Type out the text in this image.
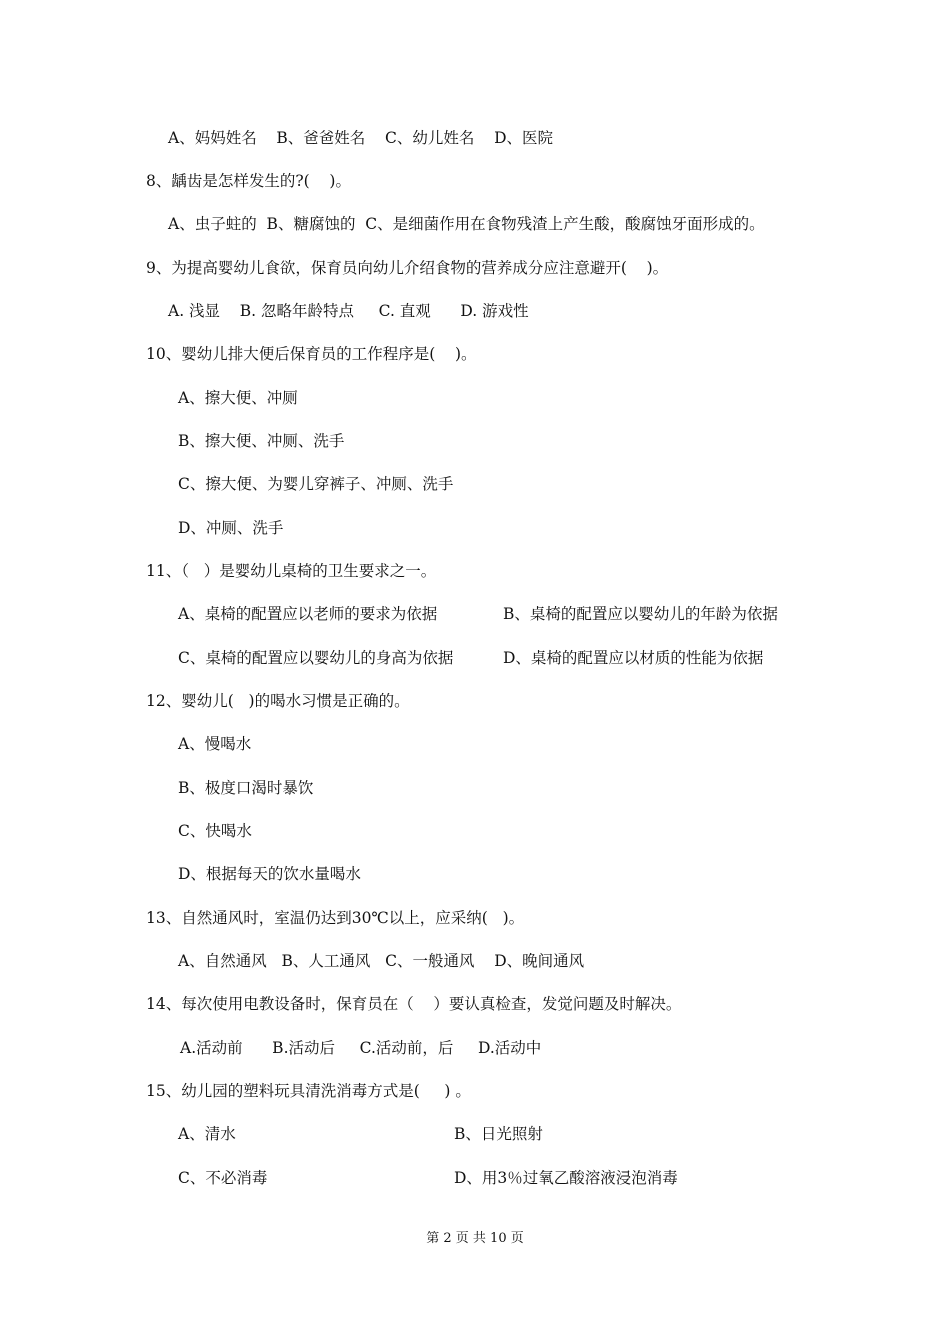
A、妈妈姓名    B、爸爸姓名    C、幼儿姓名    D、医院
8、龋齿是怎样发生的?(    )。
A、虫子蛀的  B、糖腐蚀的  C、是细菌作用在食物残渣上产生酸，酸腐蚀牙面形成的。
9、为提高婴幼儿食欲，保育员向幼儿介绍食物的营养成分应注意避开(    )。
A. 浅显    B. 忽略年龄特点     C. 直观      D. 游戏性
10、婴幼儿排大便后保育员的工作程序是(    )。
A、擦大便、冲厕
B、擦大便、冲厕、洗手
C、擦大便、为婴儿穿裤子、冲厕、洗手
D、冲厕、洗手
11、（   ）是婴幼儿桌椅的卫生要求之一。
A、桌椅的配置应以老师的要求为依据	B、桌椅的配置应以婴幼儿的年龄为依据
C、桌椅的配置应以婴幼儿的身高为依据	D、桌椅的配置应以材质的性能为依据
12、婴幼儿(   )的喝水习惯是正确的。
A、慢喝水
B、极度口渴时暴饮
C、快喝水
D、根据每天的饮水量喝水
13、自然通风时，室温仍达到30℃以上，应采纳(   )。
A、自然通风   B、人工通风   C、一般通风    D、晚间通风
14、每次使用电教设备时，保育员在（    ）要认真检查，发觉问题及时解决。
A.活动前      B.活动后     C.活动前，后     D.活动中
15、幼儿园的塑料玩具清洗消毒方式是(     ) 。
A、清水	B、日光照射
C、不必消毒	D、用3％过氧乙酸溶液浸泡消毒
第 2 页 共 10 页
